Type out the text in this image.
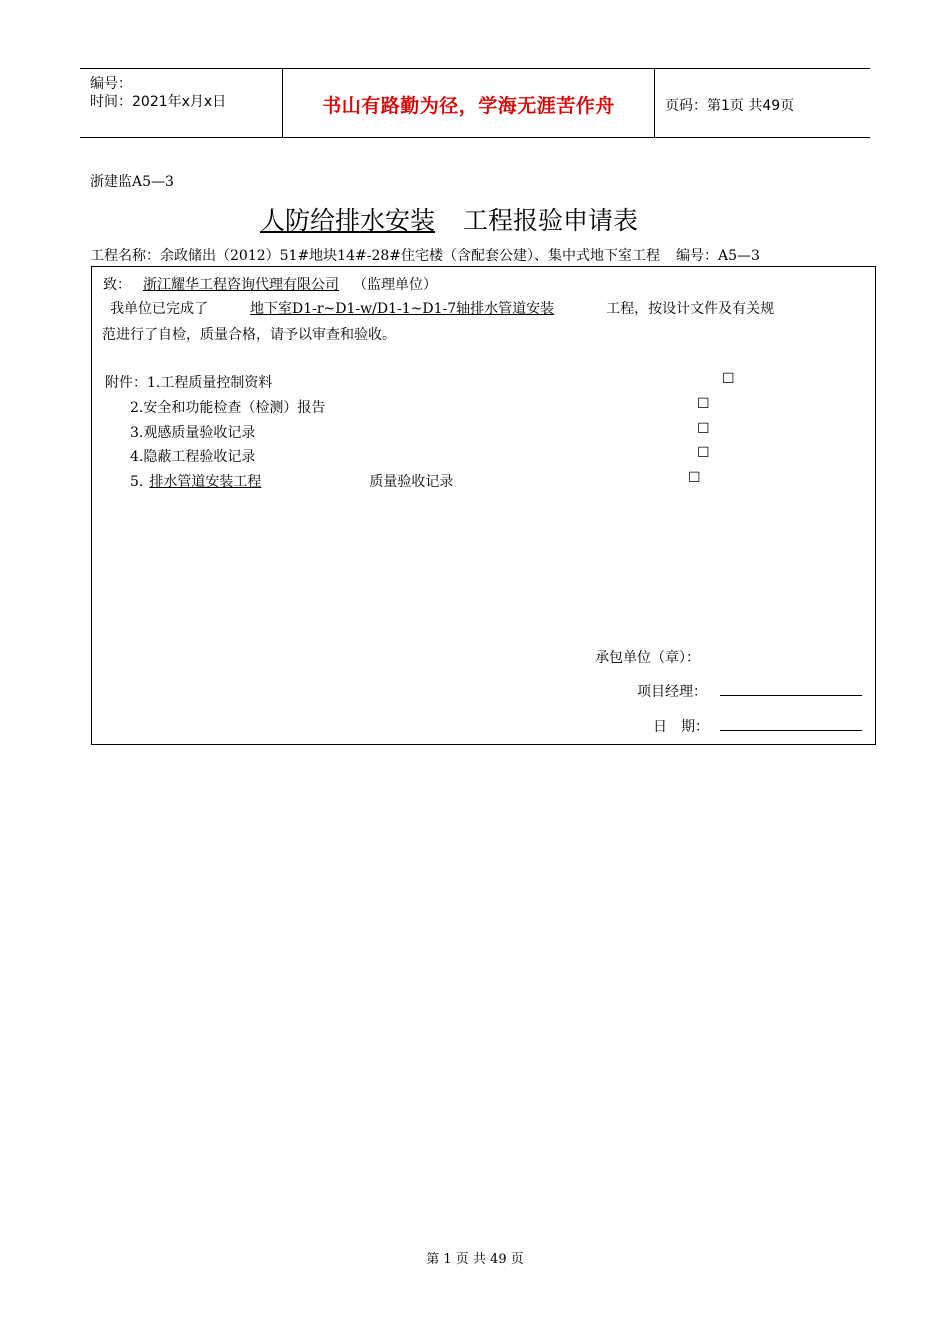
编号：
时间：2021年x月x日	书山有路勤为径，学海无涯苦作舟	页码：第1页 共49页
浙建监A5—3
人防给排水安装 工程报验申请表
工程名称：余政储出（2012）51#地块14#-28#住宅楼（含配套公建）、集中式地下室工程 编号：A5—3
致： 浙江耀华工程咨询代理有限公司 （监理单位）
我单位已完成了	地下室D1-r~D1-w/D1-1~D1-7轴排水管道安装	工程，按设计文件及有关规
范进行了自检，质量合格，请予以审查和验收。
附件：1.工程质量控制资料	☐
2.安全和功能检查（检测）报告	☐
3.观感质量验收记录	☐
4.隐蔽工程验收记录	☐
5. 排水管道安装工程	质量验收记录	☐
承包单位（章）：
项目经理：
日　期：
第 1 页 共 49 页
